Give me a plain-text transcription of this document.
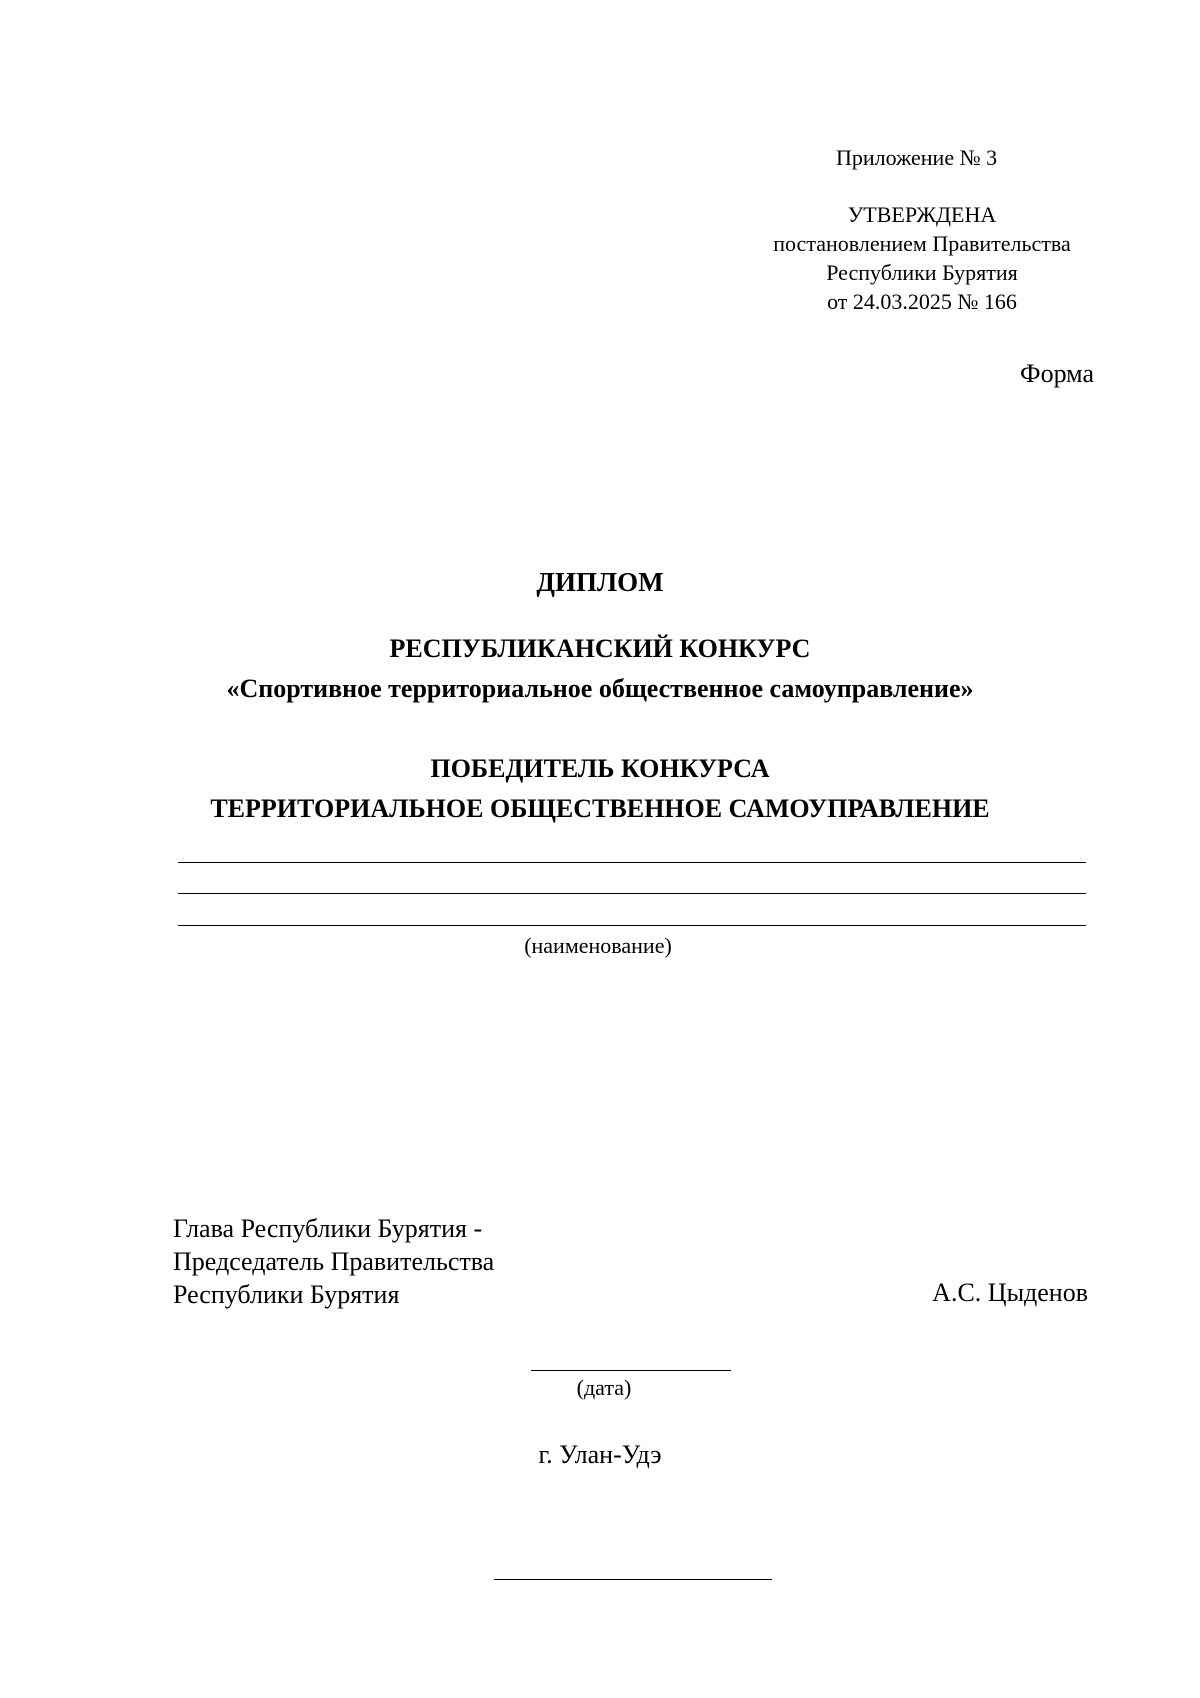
Приложение № 3
УТВЕРЖДЕНА
постановлением Правительства
Республики Бурятия
от 24.03.2025 № 166
Форма
ДИПЛОМ
РЕСПУБЛИКАНСКИЙ КОНКУРС
«Спортивное территориальное общественное самоуправление»
ПОБЕДИТЕЛЬ КОНКУРСА
ТЕРРИТОРИАЛЬНОЕ ОБЩЕСТВЕННОЕ САМОУПРАВЛЕНИЕ
(наименование)
Глава Республики Бурятия -
Председатель Правительства
Республики Бурятия	А.С. Цыденов
(дата)
г. Улан-Удэ
